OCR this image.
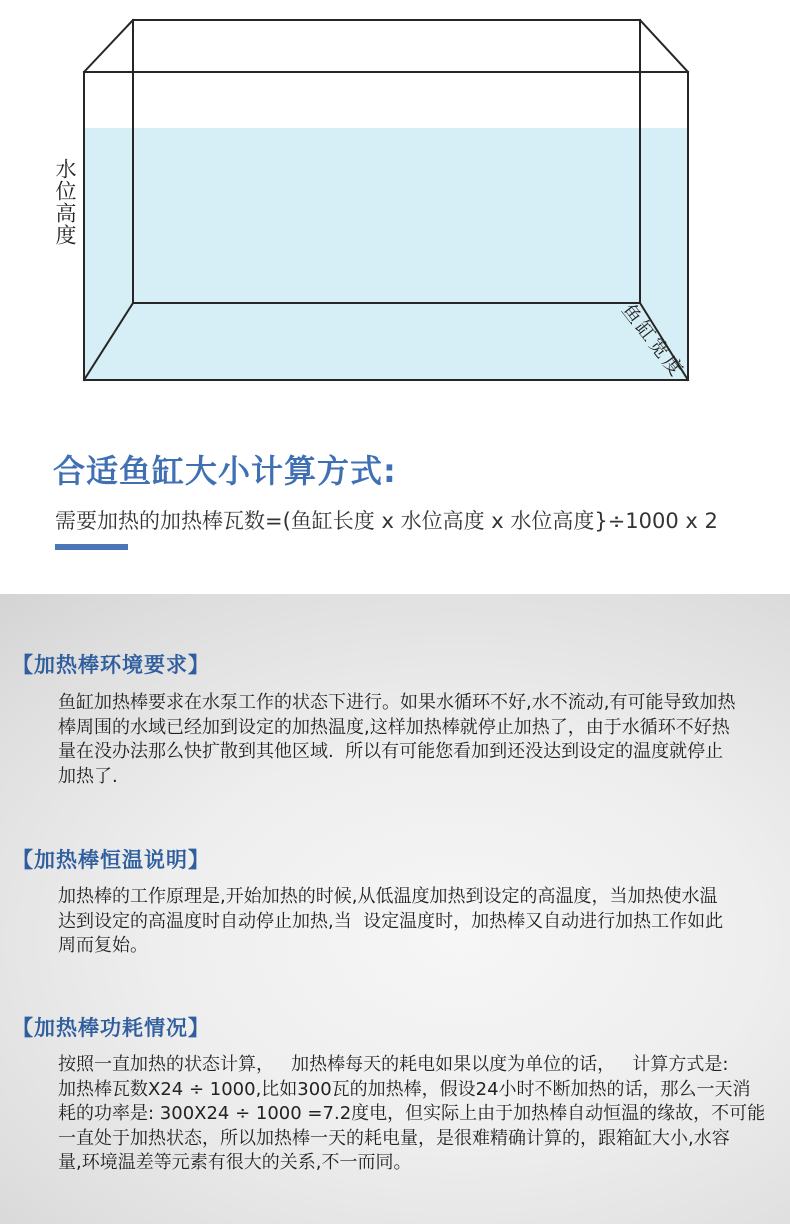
水位高度
鱼缸宽度
合适鱼缸大小计算方式:
需要加热的加热棒瓦数=(鱼缸长度 x 水位高度 x 水位高度}÷1000 x 2
【加热棒环境要求】
鱼缸加热棒要求在水泵工作的状态下进行。如果水循环不好,水不流动,有可能导致加热
棒周围的水域已经加到设定的加热温度,这样加热棒就停止加热了，由于水循环不好热
量在没办法那么快扩散到其他区域.  所以有可能您看加到还没达到设定的温度就停止
加热了.
【加热棒恒温说明】
加热棒的工作原理是,开始加热的时候,从低温度加热到设定的高温度，当加热使水温
达到设定的高温度时自动停止加热,当  设定温度时，加热棒又自动进行加热工作如此
周而复始。
【加热棒功耗情况】
按照一直加热的状态计算，   加热棒每天的耗电如果以度为单位的话，   计算方式是:
加热棒瓦数X24 ÷ 1000,比如300瓦的加热棒，假设24小时不断加热的话，那么一天消
耗的功率是: 300X24 ÷ 1000 =7.2度电，但实际上由于加热棒自动恒温的缘故，不可能
一直处于加热状态，所以加热棒一天的耗电量，是很难精确计算的，跟箱缸大小,水容
量,环境温差等元素有很大的关系,不一而同。
